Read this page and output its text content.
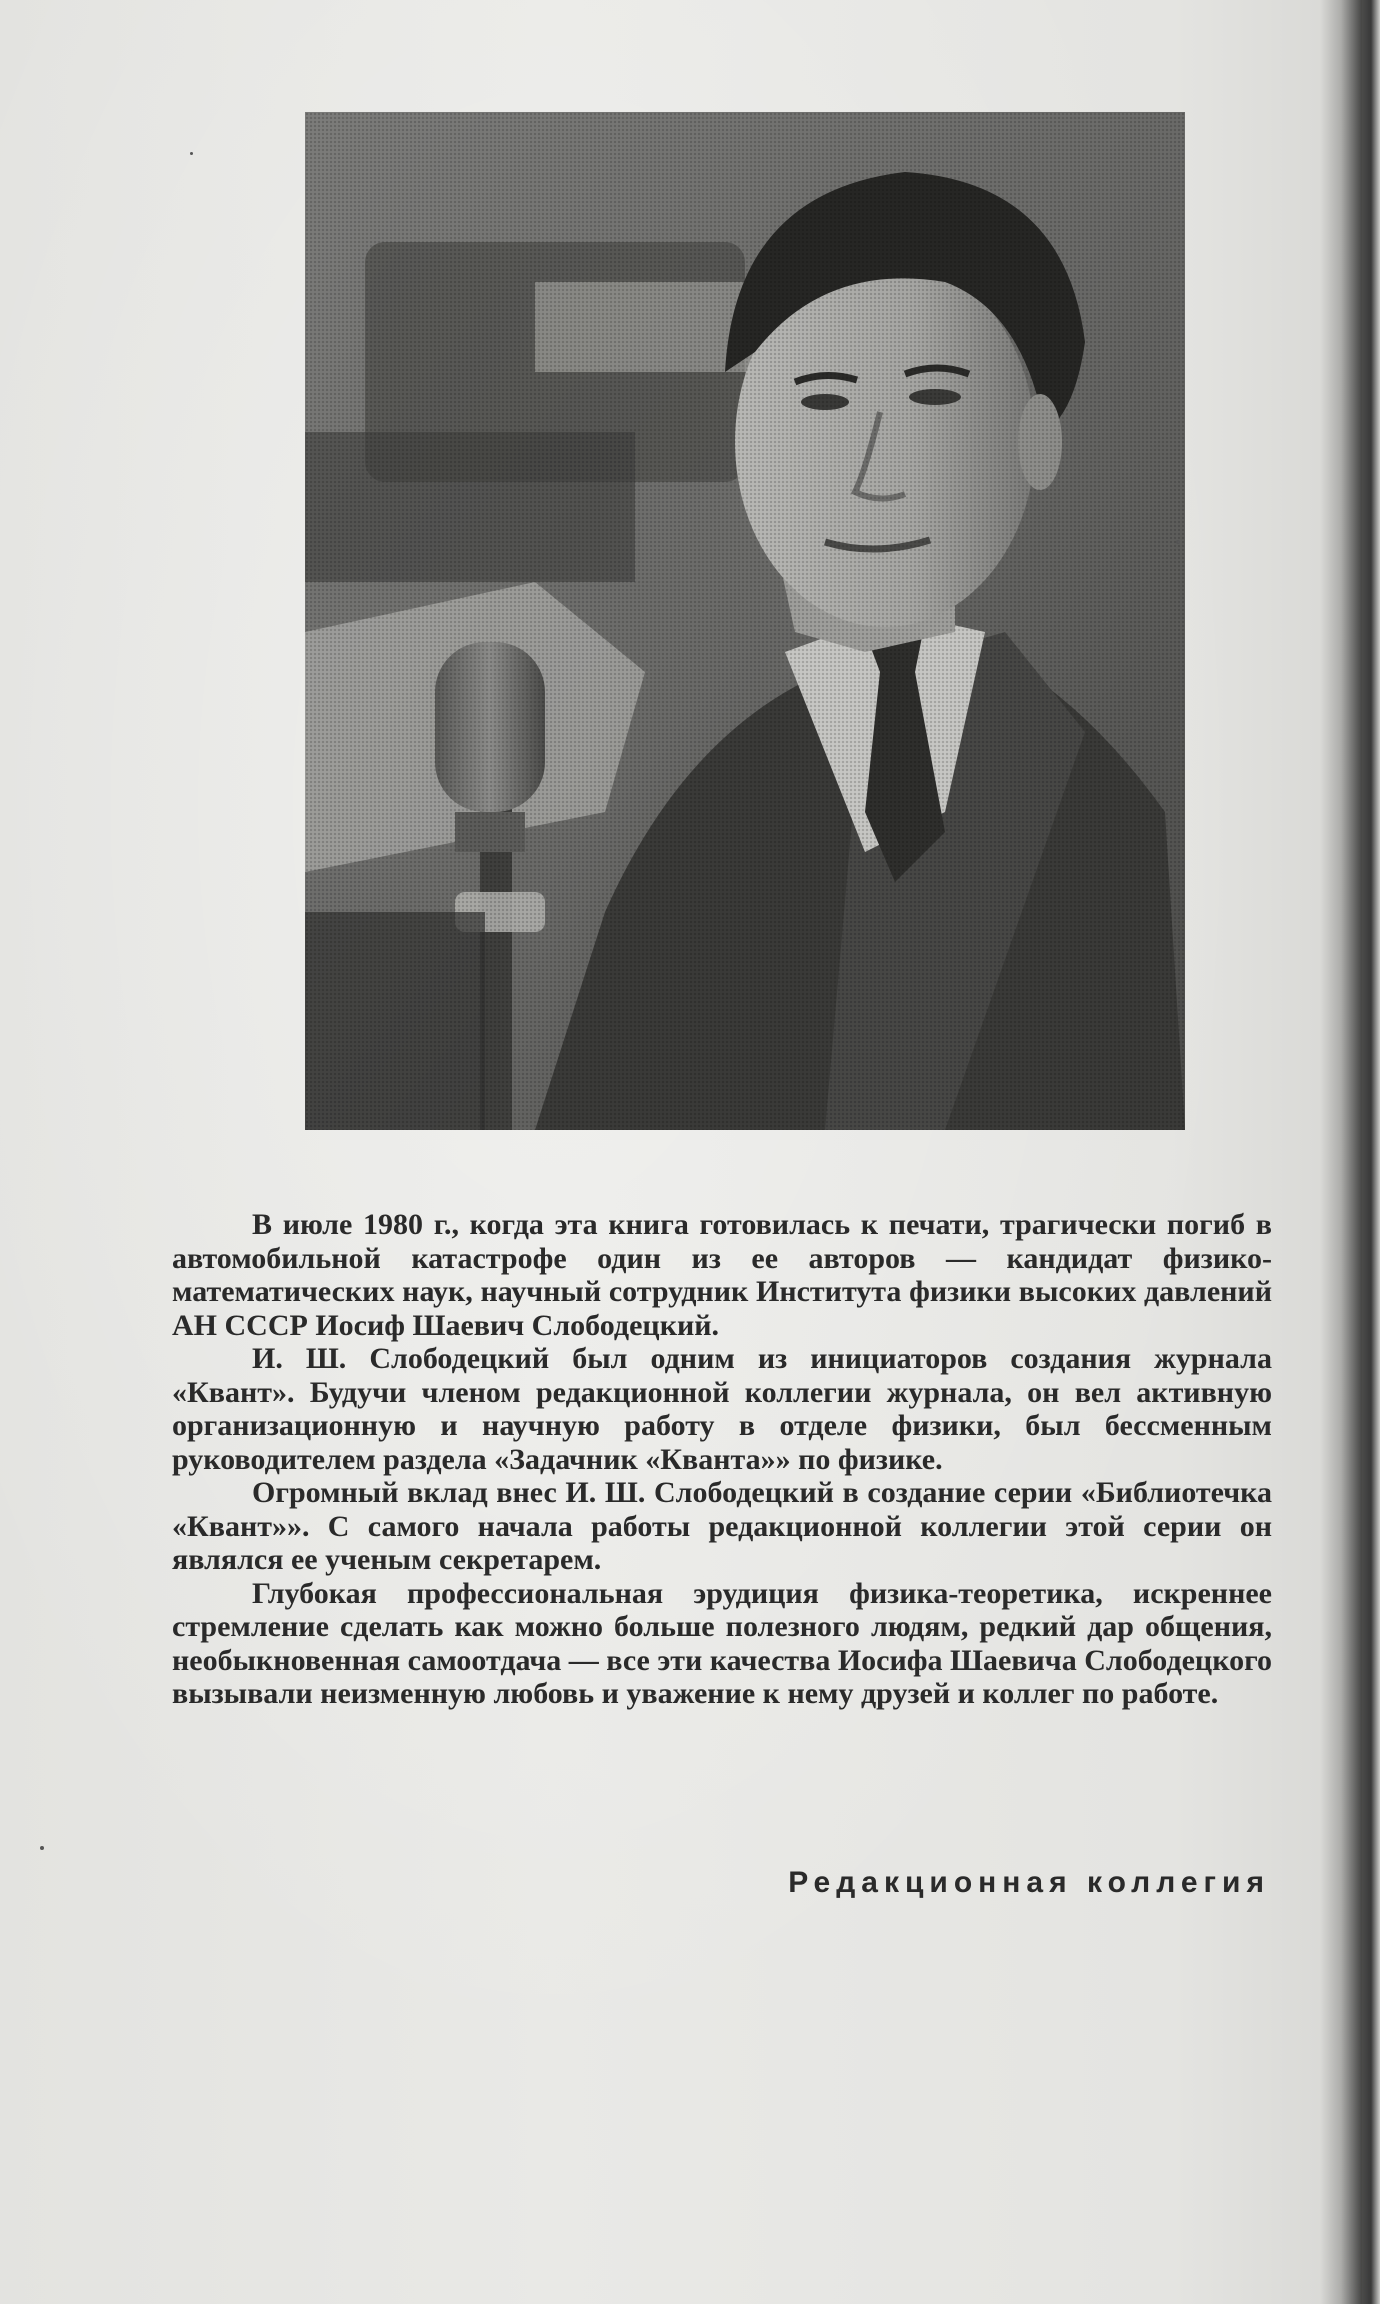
В июле 1980 г., когда эта книга готовилась к печати, трагически погиб в автомобильной катастрофе один из ее авторов — кандидат физико-математических наук, научный сотрудник Института физики высоких давлений АН СССР Иосиф Шаевич Слободецкий.

И. Ш. Слободецкий был одним из инициаторов создания журнала «Квант». Будучи членом редакционной коллегии журнала, он вел активную организационную и научную работу в отделе физики, был бессменным руководителем раздела «Задачник «Кванта»» по физике.

Огромный вклад внес И. Ш. Слободецкий в создание серии «Библиотечка «Квант»». С самого начала работы редакционной коллегии этой серии он являлся ее ученым секретарем.

Глубокая профессиональная эрудиция физика-теоретика, искреннее стремление сделать как можно больше полезного людям, редкий дар общения, необыкновенная самоотдача — все эти качества Иосифа Шаевича Слободецкого вызывали неизменную любовь и уважение к нему друзей и коллег по работе.

Редакционная коллегия
